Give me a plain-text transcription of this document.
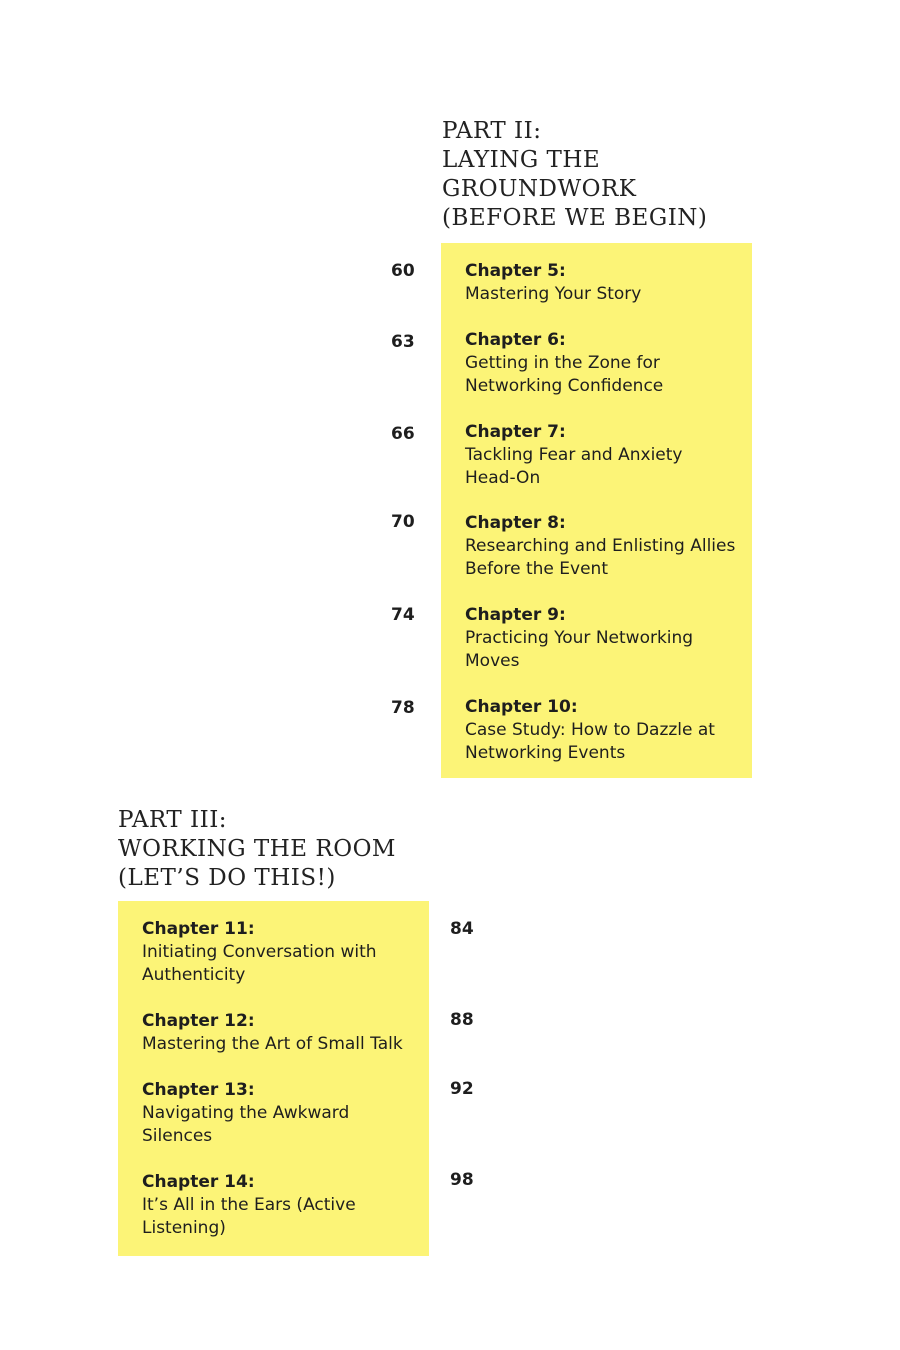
PART II:
LAYING THE
GROUNDWORK
(BEFORE WE BEGIN)
Chapter 5:
Mastering Your Story
Chapter 6:
Getting in the Zone for
Networking Confidence
Chapter 7:
Tackling Fear and Anxiety
Head-On
Chapter 8:
Researching and Enlisting Allies
Before the Event
Chapter 9:
Practicing Your Networking
Moves
Chapter 10:
Case Study: How to Dazzle at
Networking Events
60
63
66
70
74
78
PART III:
WORKING THE ROOM
(LET’S DO THIS!)
Chapter 11:
Initiating Conversation with
Authenticity
Chapter 12:
Mastering the Art of Small Talk
Chapter 13:
Navigating the Awkward
Silences
Chapter 14:
It’s All in the Ears (Active
Listening)
84
88
92
98
